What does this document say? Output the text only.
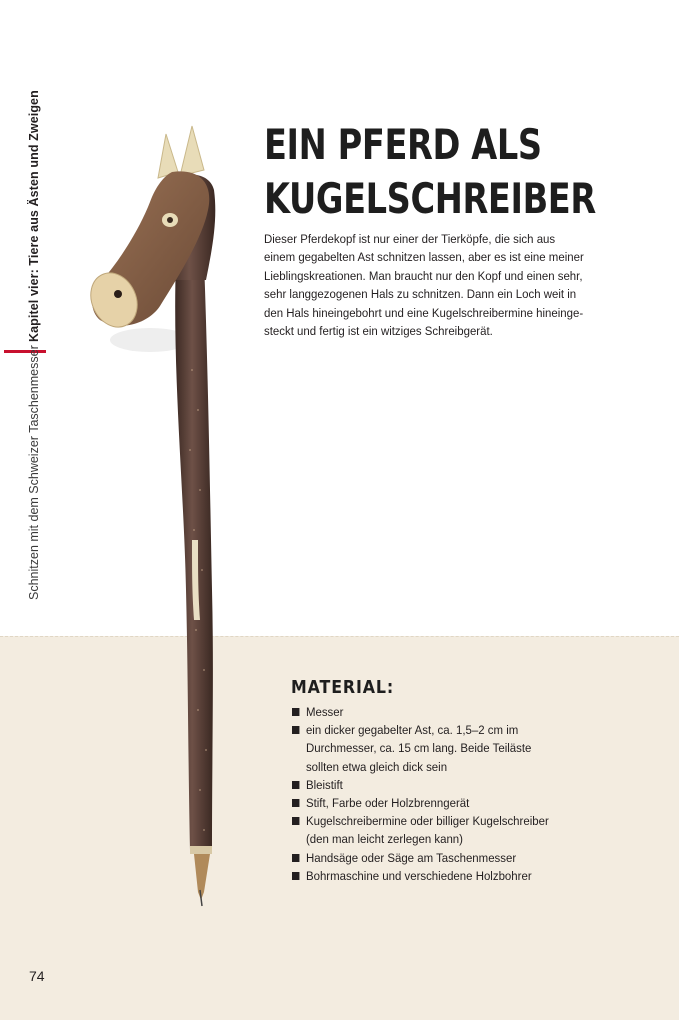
Kapitel vier: Tiere aus Ästen und Zweigen
Schnitzen mit dem Schweizer Taschenmesser
EIN PFERD ALS
KUGELSCHREIBER

Dieser Pferdekopf ist nur einer der Tierköpfe, die sich aus
einem gegabelten Ast schnitzen lassen, aber es ist eine meiner
Lieblingskreationen. Man braucht nur den Kopf und einen sehr,
sehr langgezogenen Hals zu schnitzen. Dann ein Loch weit in
den Hals hineingebohrt und eine Kugelschreibermine hineinge-
steckt und fertig ist ein witziges Schreibgerät.

MATERIAL:
Messer
ein dicker gegabelter Ast, ca. 1,5–2 cm im
Durchmesser, ca. 15 cm lang. Beide Teiläste
sollten etwa gleich dick sein
Bleistift
Stift, Farbe oder Holzbrenngerät
Kugelschreibermine oder billiger Kugelschreiber
(den man leicht zerlegen kann)
Handsäge oder Säge am Taschenmesser
Bohrmaschine und verschiedene Holzbohrer
74
